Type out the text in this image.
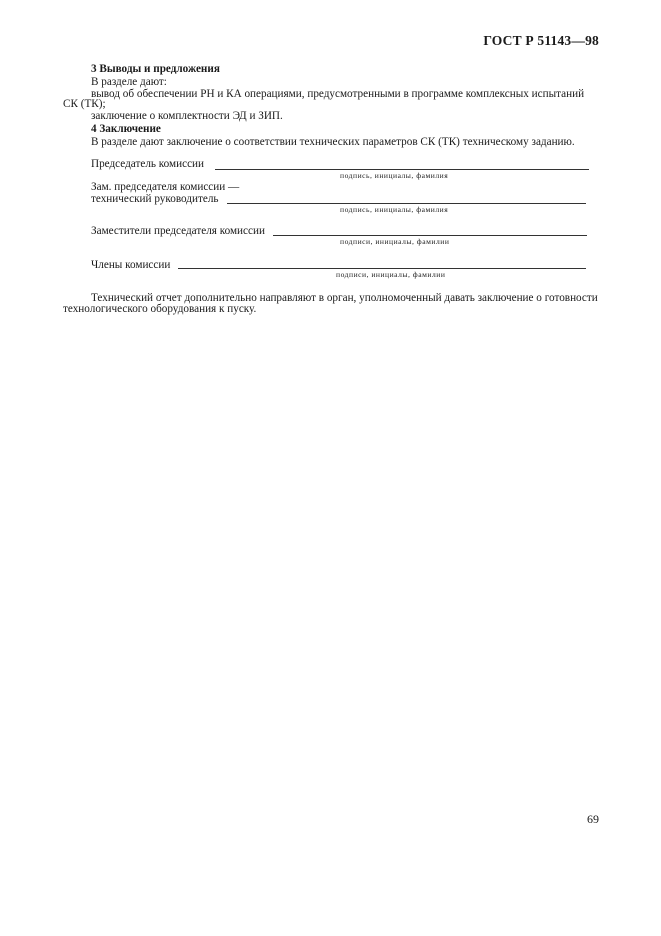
ГОСТ Р 51143—98
3 Выводы и предложения
В разделе дают:
вывод об обеспечении РН и КА операциями, предусмотренными в программе комплексных испытаний
СК (ТК);
заключение о комплектности ЭД и ЗИП.
4 Заключение
В разделе дают заключение о соответствии технических параметров СК (ТК) техническому заданию.
Председатель комиссии
подпись, инициалы, фамилия
Зам. председателя комиссии —
технический руководитель
подпись, инициалы, фамилия
Заместители председателя комиссии
подписи, инициалы, фамилии
Члены комиссии
подписи, инициалы, фамилии
Технический отчет дополнительно направляют в орган, уполномоченный давать заключение о готовности
технологического оборудования к пуску.
69
